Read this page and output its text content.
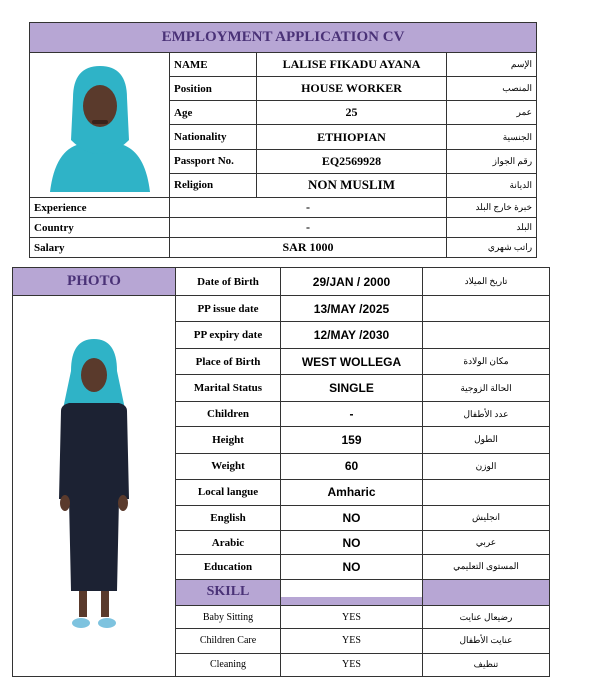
EMPLOYMENT APPLICATION CV			

	NAME	LALISE FIKADU AYANA	الإسم
	Position	HOUSE WORKER	المنصب
	Age	25	عمر
	Nationality	ETHIOPIAN	الجنسية
	Passport No.	EQ2569928	رقم الجواز
	Religion	NON MUSLIM	الديانة
Experience	-		خبرة خارج البلد
Country	-		البلد
Salary	SAR 1000		راتب شهري
PHOTO	Date of Birth	29/JAN / 2000	تاريخ الميلاد

	PP issue date	13/MAY /2025	
	PP expiry date	12/MAY /2030	
	Place of Birth	WEST WOLLEGA	مكان الولادة
	Marital Status	SINGLE	الحالة الزوجية
	Children	-	عدد الأطفال
	Height	159	الطول
	Weight	60	الوزن
	Local langue	Amharic	
	English	NO	انجليش
	Arabic	NO	عربي
	Education	NO	المستوى التعليمي
	SKILL	

	Baby Sitting	YES	رضيعال عنايت
	Children Care	YES	عنايت الأطفال
	Cleaning	YES	تنظيف
